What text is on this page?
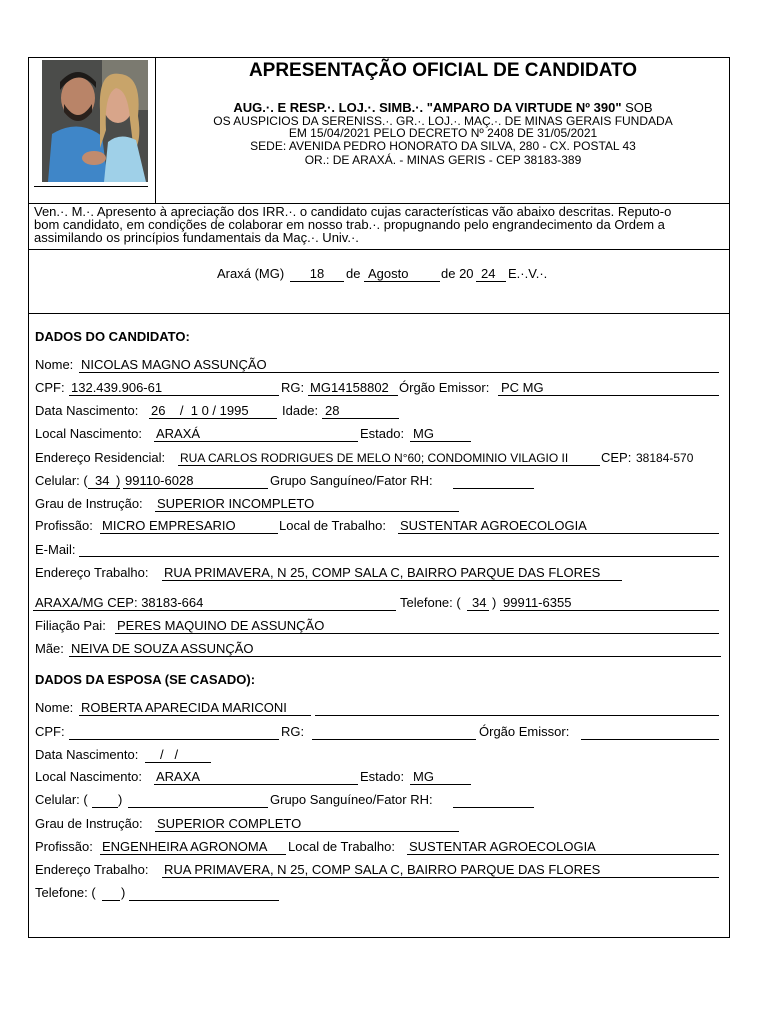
APRESENTAÇÃO OFICIAL DE CANDIDATO
AUG.·. E RESP.·. LOJ.·. SIMB.·. "AMPARO DA VIRTUDE Nº 390" SOB
OS AUSPICIOS DA SERENISS.·. GR.·. LOJ.·. MAÇ.·. DE MINAS GERAIS FUNDADA
EM 15/04/2021 PELO DECRETO Nº 2408 DE 31/05/2021
SEDE: AVENIDA PEDRO HONORATO DA SILVA, 280 - CX. POSTAL 43
OR.: DE ARAXÁ. - MINAS GERIS - CEP 38183-389
Ven.·. M.·. Apresento à apreciação dos IRR.·. o candidato cujas características vão abaixo descritas. Reputo-o
bom candidato, em condições de colaborar em nosso trab.·. propugnando pelo engrandecimento da Ordem a
assimilando os princípios fundamentais da Maç.·. Univ.·.
Araxá (MG)	18	de Agosto	de 20 24 E.·.V.·.
DADOS DO CANDIDATO:
Nome: NICOLAS MAGNO ASSUNÇÃO
CPF: 132.439.906-61	RG: MG14158802 Órgão Emissor: PC MG
Data Nascimento: 26    /  1 0 / 1995	Idade: 28
Local Nascimento: ARAXÁ	Estado: MG
Endereço Residencial: RUA CARLOS RODRIGUES DE MELO N°60; CONDOMINIO VILAGIO II	CEP: 38184-570
Celular: ( 34 ) 99110-6028	Grupo Sanguíneo/Fator RH:
Grau de Instrução: SUPERIOR INCOMPLETO
Profissão: MICRO EMPRESARIO	Local de Trabalho: SUSTENTAR AGROECOLOGIA
E-Mail:
Endereço Trabalho: RUA PRIMAVERA, N 25, COMP SALA C, BAIRRO PARQUE DAS FLORES
ARAXA/MG CEP: 38183-664	Telefone: ( 34 ) 99911-6355
Filiação Pai: PERES MAQUINO DE ASSUNÇÃO
Mãe: NEIVA DE SOUZA ASSUNÇÃO
DADOS DA ESPOSA (SE CASADO):
Nome: ROBERTA APARECIDA MARICONI
CPF:	RG:	Órgão Emissor:
Data Nascimento: /   /
Local Nascimento: ARAXA	Estado: MG
Celular: ( )	Grupo Sanguíneo/Fator RH:
Grau de Instrução: SUPERIOR COMPLETO
Profissão: ENGENHEIRA AGRONOMA Local de Trabalho: SUSTENTAR AGROECOLOGIA
Endereço Trabalho: RUA PRIMAVERA, N 25, COMP SALA C, BAIRRO PARQUE DAS FLORES
Telefone: ( )
